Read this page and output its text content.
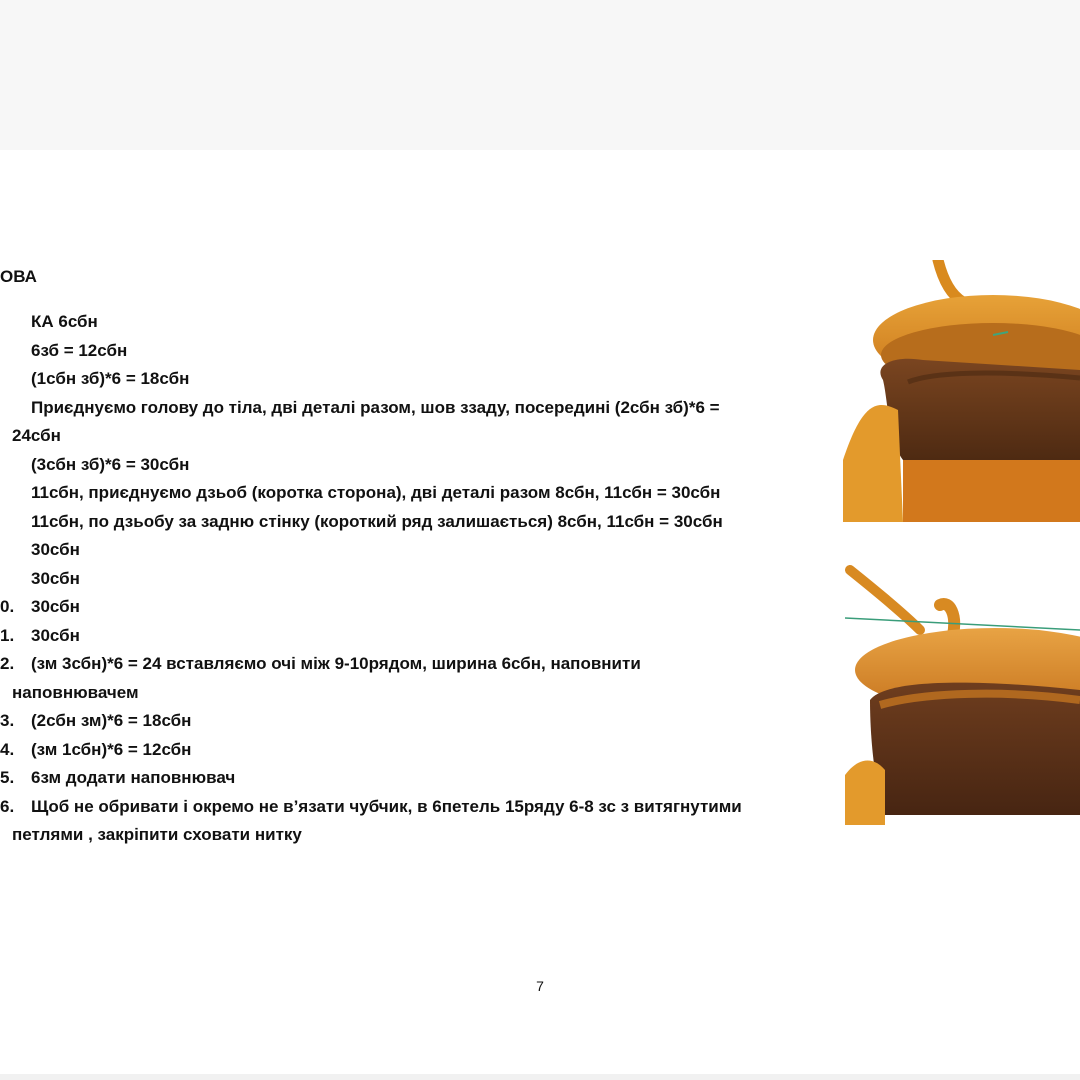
ОВА
КА 6сбн
6зб = 12сбн
(1сбн зб)*6 = 18сбн
Приєднуємо голову до тіла, дві деталі разом, шов ззаду, посередині (2сбн зб)*6 =
24сбн
(3сбн зб)*6 = 30сбн
11сбн, приєднуємо дзьоб (коротка сторона), дві деталі разом 8сбн, 11сбн = 30сбн
11сбн, по дзьобу за задню стінку (короткий ряд залишається) 8сбн, 11сбн = 30сбн
30сбн
30сбн
0. 30сбн
1. 30сбн
2. (зм 3сбн)*6 = 24 вставляємо очі між 9-10рядом, ширина 6сбн, наповнити
наповнювачем
3. (2сбн зм)*6 = 18сбн
4. (зм 1сбн)*6 = 12сбн
5. 6зм додати наповнювач
6. Щоб не обривати і окремо не в’язати чубчик, в 6петель 15ряду 6-8 зс з витягнутими
петлями , закріпити сховати нитку
7
